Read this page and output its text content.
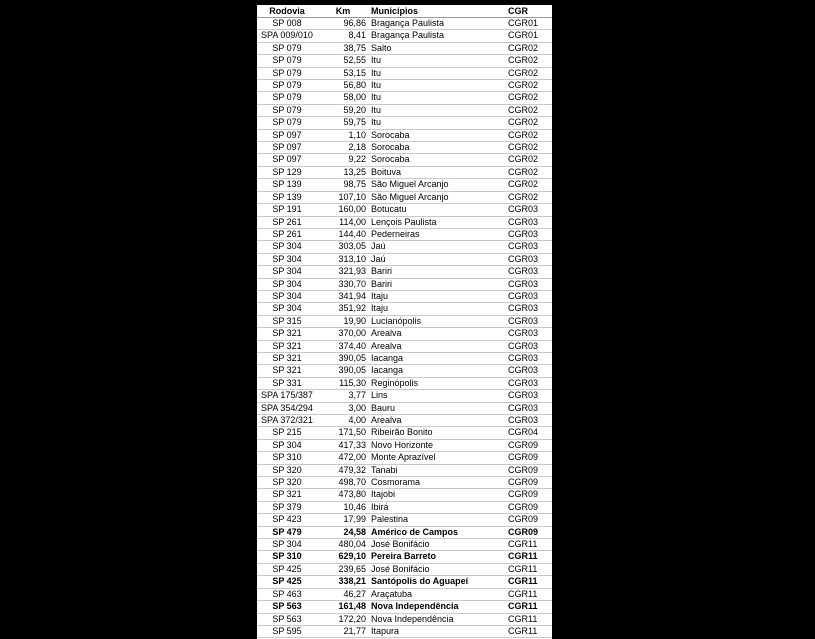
Rodovia	Km	Municípios	CGR
SP 008	96,86	Bragança Paulista	CGR01
SPA 009/010	8,41	Bragança Paulista	CGR01
SP 079	38,75	Salto	CGR02
SP 079	52,55	Itu	CGR02
SP 079	53,15	Itu	CGR02
SP 079	56,80	Itu	CGR02
SP 079	58,00	Itu	CGR02
SP 079	59,20	Itu	CGR02
SP 079	59,75	Itu	CGR02
SP 097	1,10	Sorocaba	CGR02
SP 097	2,18	Sorocaba	CGR02
SP 097	9,22	Sorocaba	CGR02
SP 129	13,25	Boituva	CGR02
SP 139	98,75	São Miguel Arcanjo	CGR02
SP 139	107,10	São Miguel Arcanjo	CGR02
SP 191	160,00	Botucatu	CGR03
SP 261	114,00	Lençois Paulista	CGR03
SP 261	144,40	Pederneiras	CGR03
SP 304	303,05	Jaú	CGR03
SP 304	313,10	Jaú	CGR03
SP 304	321,93	Bariri	CGR03
SP 304	330,70	Bariri	CGR03
SP 304	341,94	Itaju	CGR03
SP 304	351,92	Itaju	CGR03
SP 315	19,90	Lucianópolis	CGR03
SP 321	370,00	Arealva	CGR03
SP 321	374,40	Arealva	CGR03
SP 321	390,05	Iacanga	CGR03
SP 321	390,05	Iacanga	CGR03
SP 331	115,30	Reginópolis	CGR03
SPA 175/387	3,77	Lins	CGR03
SPA 354/294	3,00	Bauru	CGR03
SPA 372/321	4,00	Arealva	CGR03
SP 215	171,50	Ribeirão Bonito	CGR04
SP 304	417,33	Novo Horizonte	CGR09
SP 310	472,00	Monte Aprazível	CGR09
SP 320	479,32	Tanabi	CGR09
SP 320	498,70	Cosmorama	CGR09
SP 321	473,80	Itajobi	CGR09
SP 379	10,46	Ibirá	CGR09
SP 423	17,99	Palestina	CGR09
SP 479	24,58	Américo de Campos	CGR09
SP 304	480,04	José Bonifácio	CGR11
SP 310	629,10	Pereira Barreto	CGR11
SP 425	239,65	José Bonifácio	CGR11
SP 425	338,21	Santópolis do Aguapeí	CGR11
SP 463	46,27	Araçatuba	CGR11
SP 563	161,48	Nova Independência	CGR11
SP 563	172,20	Nova Independência	CGR11
SP 595	21,77	Itapura	CGR11
